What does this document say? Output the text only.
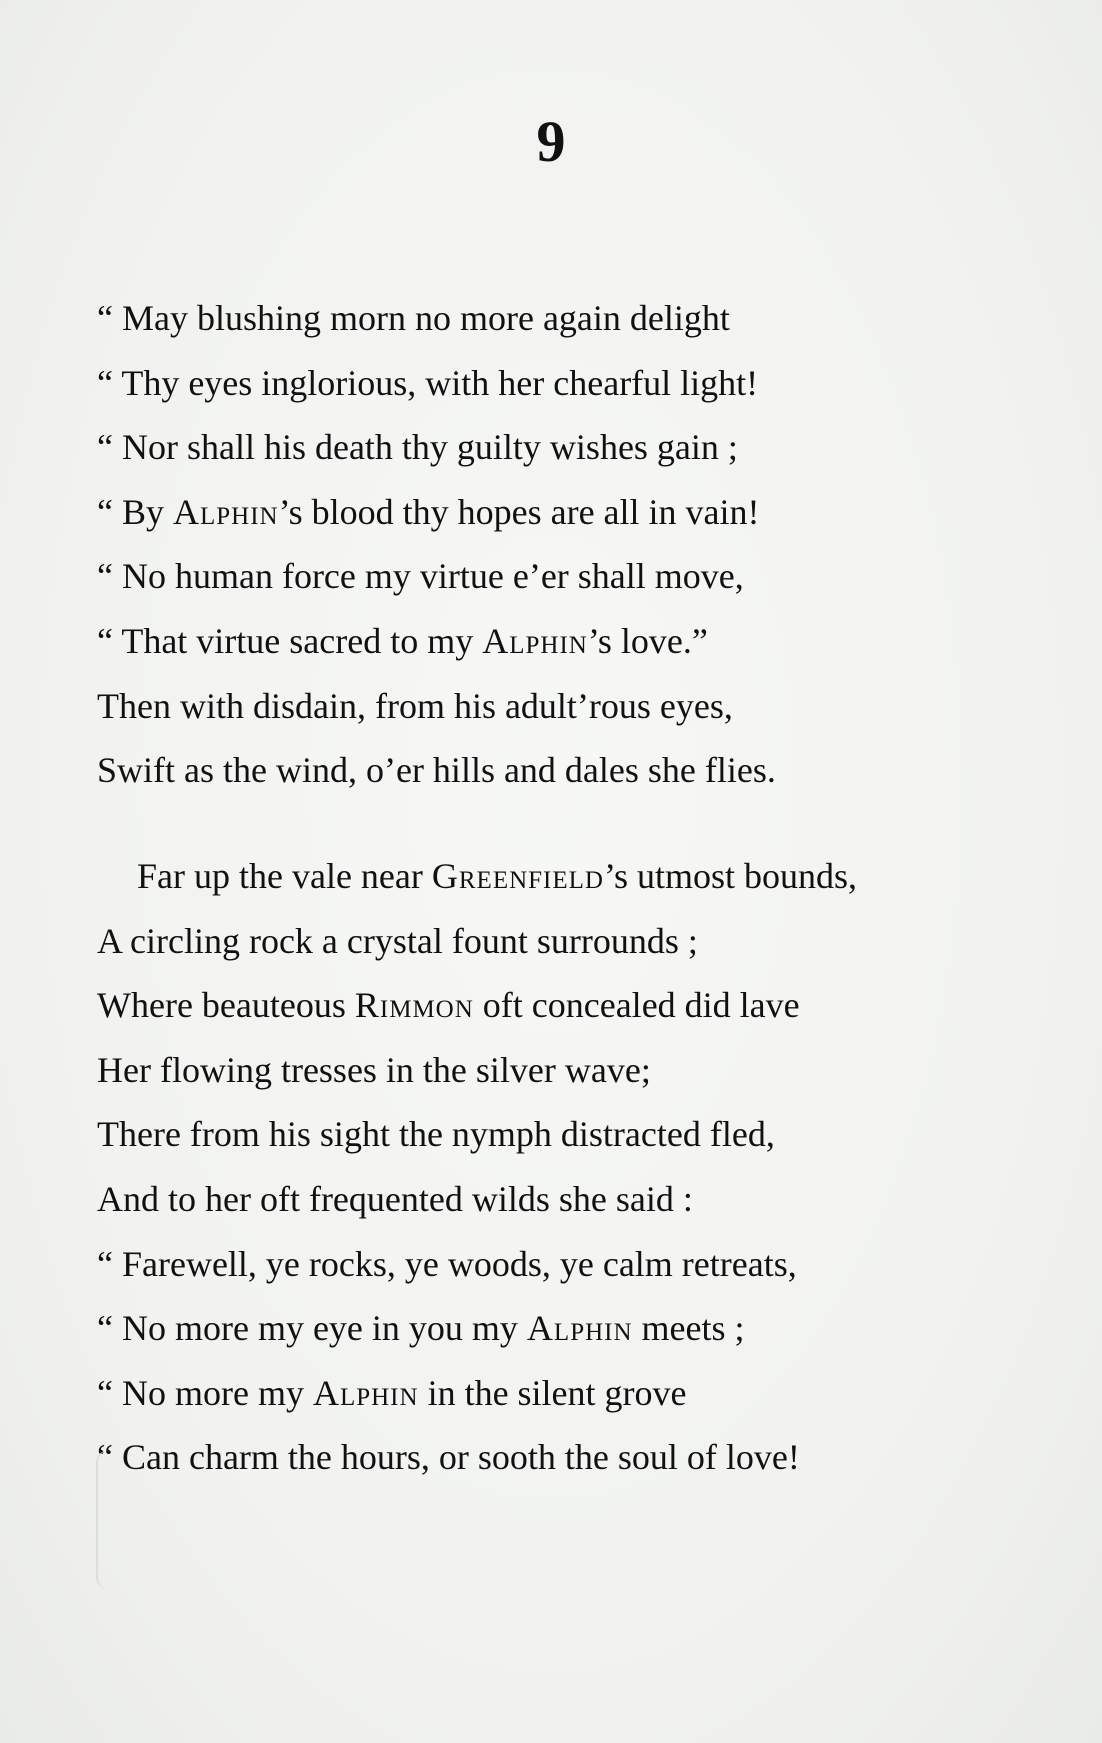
9
“ May blushing morn no more again delight
“ Thy eyes inglorious, with her chearful light!
“ Nor shall his death thy guilty wishes gain ;
“ By Alphin’s blood thy hopes are all in vain!
“ No human force my virtue e’er shall move,
“ That virtue sacred to my Alphin’s love.”
Then with disdain, from his adult’rous eyes,
Swift as the wind, o’er hills and dales she flies.
Far up the vale near Greenfield’s utmost bounds,
A circling rock a crystal fount surrounds ;
Where beauteous Rimmon oft concealed did lave
Her flowing tresses in the silver wave;
There from his sight the nymph distracted fled,
And to her oft frequented wilds she said :
“ Farewell, ye rocks, ye woods, ye calm retreats,
“ No more my eye in you my Alphin meets ;
“ No more my Alphin in the silent grove
“ Can charm the hours, or sooth the soul of love!
